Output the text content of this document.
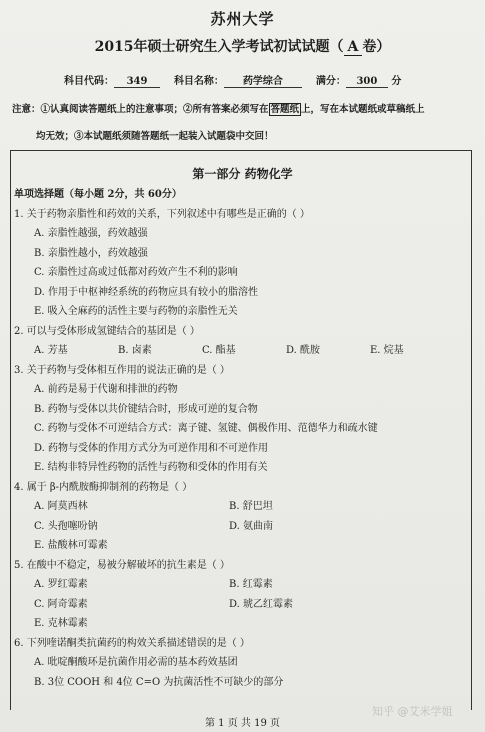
苏州大学
2015年硕士研究生入学考试初试试题（ A 卷）
科目代码： 349	科目名称： 药学综合	满分： 300 分
注意：①认真阅读答题纸上的注意事项；②所有答案必须写在 答题纸 上，写在本试题纸或草稿纸上
均无效；③本试题纸须随答题纸一起装入试题袋中交回！
第一部分 药物化学
单项选择题（每小题 2分，共 60分）
1. 关于药物亲脂性和药效的关系，下列叙述中有哪些是正确的（ ）
A. 亲脂性越强，药效越强
B. 亲脂性越小，药效越强
C. 亲脂性过高或过低都对药效产生不利的影响
D. 作用于中枢神经系统的药物应具有较小的脂溶性
E. 吸入全麻药的活性主要与药物的亲脂性无关
2. 可以与受体形成氢键结合的基团是（ ）
A. 芳基	B. 卤素	C. 酯基	D. 酰胺	E. 烷基
3. 关于药物与受体相互作用的说法正确的是（ ）
A. 前药是易于代谢和排泄的药物
B. 药物与受体以共价键结合时，形成可逆的复合物
C. 药物与受体不可逆结合方式：离子键、氢键、偶极作用、范德华力和疏水键
D. 药物与受体的作用方式分为可逆作用和不可逆作用
E. 结构非特异性药物的活性与药物和受体的作用有关
4. 属于 β-内酰胺酶抑制剂的药物是（ ）
A. 阿莫西林	B. 舒巴坦
C. 头孢噻吩钠	D. 氨曲南
E. 盐酸林可霉素
5. 在酸中不稳定，易被分解破坏的抗生素是（ ）
A. 罗红霉素	B. 红霉素
C. 阿奇霉素	D. 琥乙红霉素
E. 克林霉素
6. 下列喹诺酮类抗菌药的构效关系描述错误的是（ ）
A. 吡啶酮酸环是抗菌作用必需的基本药效基团
B. 3位 COOH 和 4位 C=O 为抗菌活性不可缺少的部分
第 1 页 共 19 页
知乎 @艾米学姐
